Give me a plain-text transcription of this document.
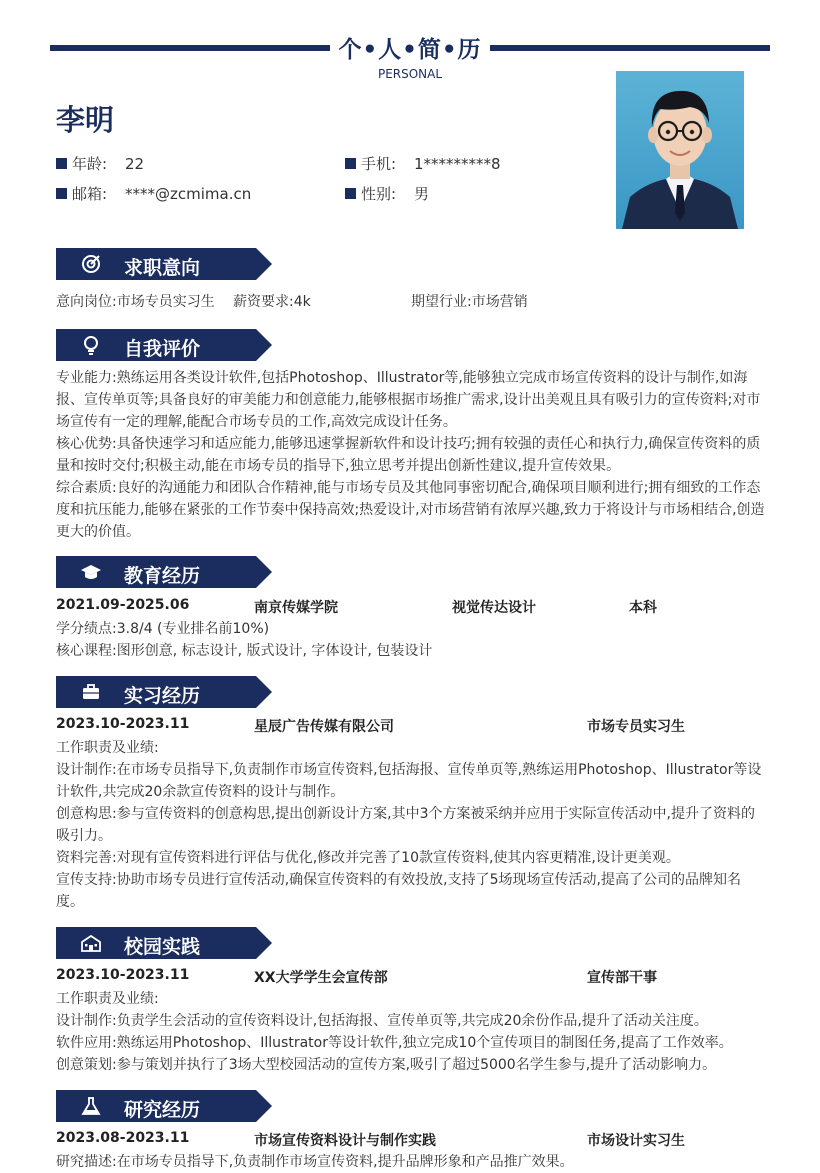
个•人•简•历
PERSONAL
李明
年龄:	22	手机:	1*********8
邮箱:	****@zcmima.cn	性别:	男
求职意向
意向岗位:市场专员实习生 薪资要求:4k	期望行业:市场营销
自我评价
专业能力:熟练运用各类设计软件,包括Photoshop、Illustrator等,能够独立完成市场宣传资料的设计与制作,如海报、宣传单页等;具备良好的审美能力和创意能力,能够根据市场推广需求,设计出美观且具有吸引力的宣传资料;对市场宣传有一定的理解,能配合市场专员的工作,高效完成设计任务。
核心优势:具备快速学习和适应能力,能够迅速掌握新软件和设计技巧;拥有较强的责任心和执行力,确保宣传资料的质量和按时交付;积极主动,能在市场专员的指导下,独立思考并提出创新性建议,提升宣传效果。
综合素质:良好的沟通能力和团队合作精神,能与市场专员及其他同事密切配合,确保项目顺利进行;拥有细致的工作态度和抗压能力,能够在紧张的工作节奏中保持高效;热爱设计,对市场营销有浓厚兴趣,致力于将设计与市场相结合,创造更大的价值。
教育经历
2021.09-2025.06	南京传媒学院	视觉传达设计	本科
学分绩点:3.8/4 (专业排名前10%)
核心课程:图形创意, 标志设计, 版式设计, 字体设计, 包装设计
实习经历
2023.10-2023.11	星辰广告传媒有限公司	市场专员实习生
工作职责及业绩:
设计制作:在市场专员指导下,负责制作市场宣传资料,包括海报、宣传单页等,熟练运用Photoshop、Illustrator等设计软件,共完成20余款宣传资料的设计与制作。
创意构思:参与宣传资料的创意构思,提出创新设计方案,其中3个方案被采纳并应用于实际宣传活动中,提升了资料的吸引力。
资料完善:对现有宣传资料进行评估与优化,修改并完善了10款宣传资料,使其内容更精准,设计更美观。
宣传支持:协助市场专员进行宣传活动,确保宣传资料的有效投放,支持了5场现场宣传活动,提高了公司的品牌知名度。
校园实践
2023.10-2023.11	XX大学学生会宣传部	宣传部干事
工作职责及业绩:
设计制作:负责学生会活动的宣传资料设计,包括海报、宣传单页等,共完成20余份作品,提升了活动关注度。
软件应用:熟练运用Photoshop、Illustrator等设计软件,独立完成10个宣传项目的制图任务,提高了工作效率。
创意策划:参与策划并执行了3场大型校园活动的宣传方案,吸引了超过5000名学生参与,提升了活动影响力。
研究经历
2023.08-2023.11	市场宣传资料设计与制作实践	市场设计实习生
研究描述:在市场专员指导下,负责制作市场宣传资料,提升品牌形象和产品推广效果。
